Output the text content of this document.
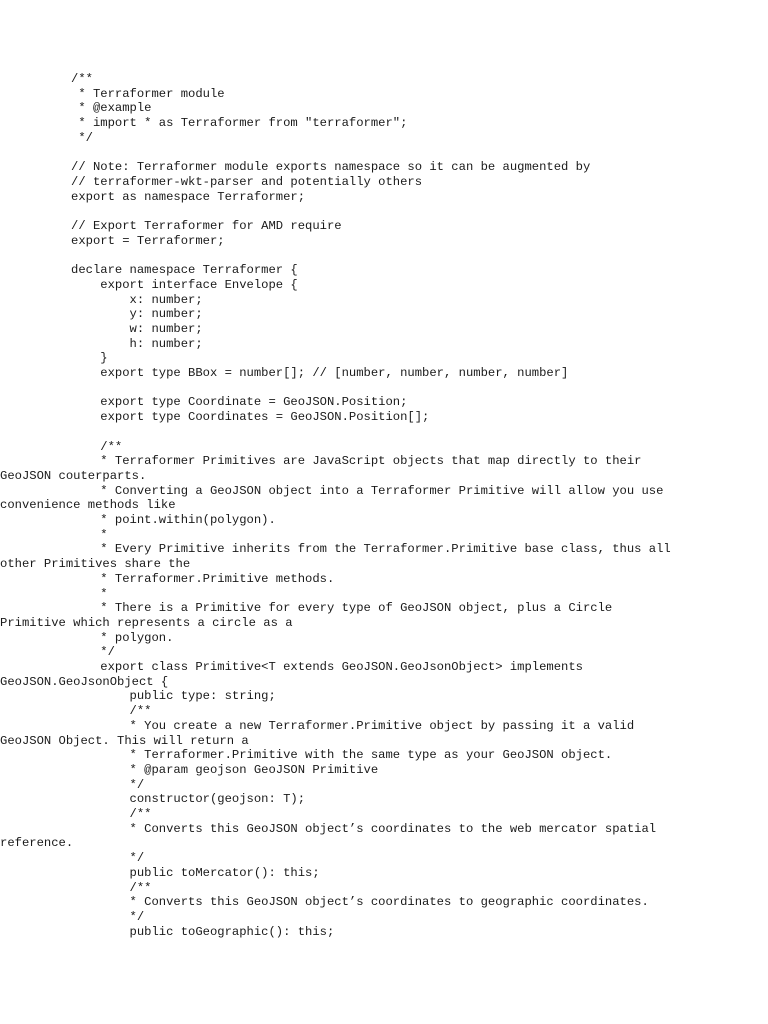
/**
* Terraformer module
* @example
* import * as Terraformer from "terraformer";
*/
// Note: Terraformer module exports namespace so it can be augmented by
// terraformer-wkt-parser and potentially others
export as namespace Terraformer;
// Export Terraformer for AMD require
export = Terraformer;
declare namespace Terraformer {
export interface Envelope {
x: number;
y: number;
w: number;
h: number;
}
export type BBox = number[]; // [number, number, number, number]
export type Coordinate = GeoJSON.Position;
export type Coordinates = GeoJSON.Position[];
/**
* Terraformer Primitives are JavaScript objects that map directly to their
GeoJSON couterparts.
* Converting a GeoJSON object into a Terraformer Primitive will allow you use
convenience methods like
* point.within(polygon).
*
* Every Primitive inherits from the Terraformer.Primitive base class, thus all
other Primitives share the
* Terraformer.Primitive methods.
*
* There is a Primitive for every type of GeoJSON object, plus a Circle
Primitive which represents a circle as a
* polygon.
*/
export class Primitive<T extends GeoJSON.GeoJsonObject> implements
GeoJSON.GeoJsonObject {
public type: string;
/**
* You create a new Terraformer.Primitive object by passing it a valid
GeoJSON Object. This will return a
* Terraformer.Primitive with the same type as your GeoJSON object.
* @param geojson GeoJSON Primitive
*/
constructor(geojson: T);
/**
* Converts this GeoJSON object’s coordinates to the web mercator spatial
reference.
*/
public toMercator(): this;
/**
* Converts this GeoJSON object’s coordinates to geographic coordinates.
*/
public toGeographic(): this;
